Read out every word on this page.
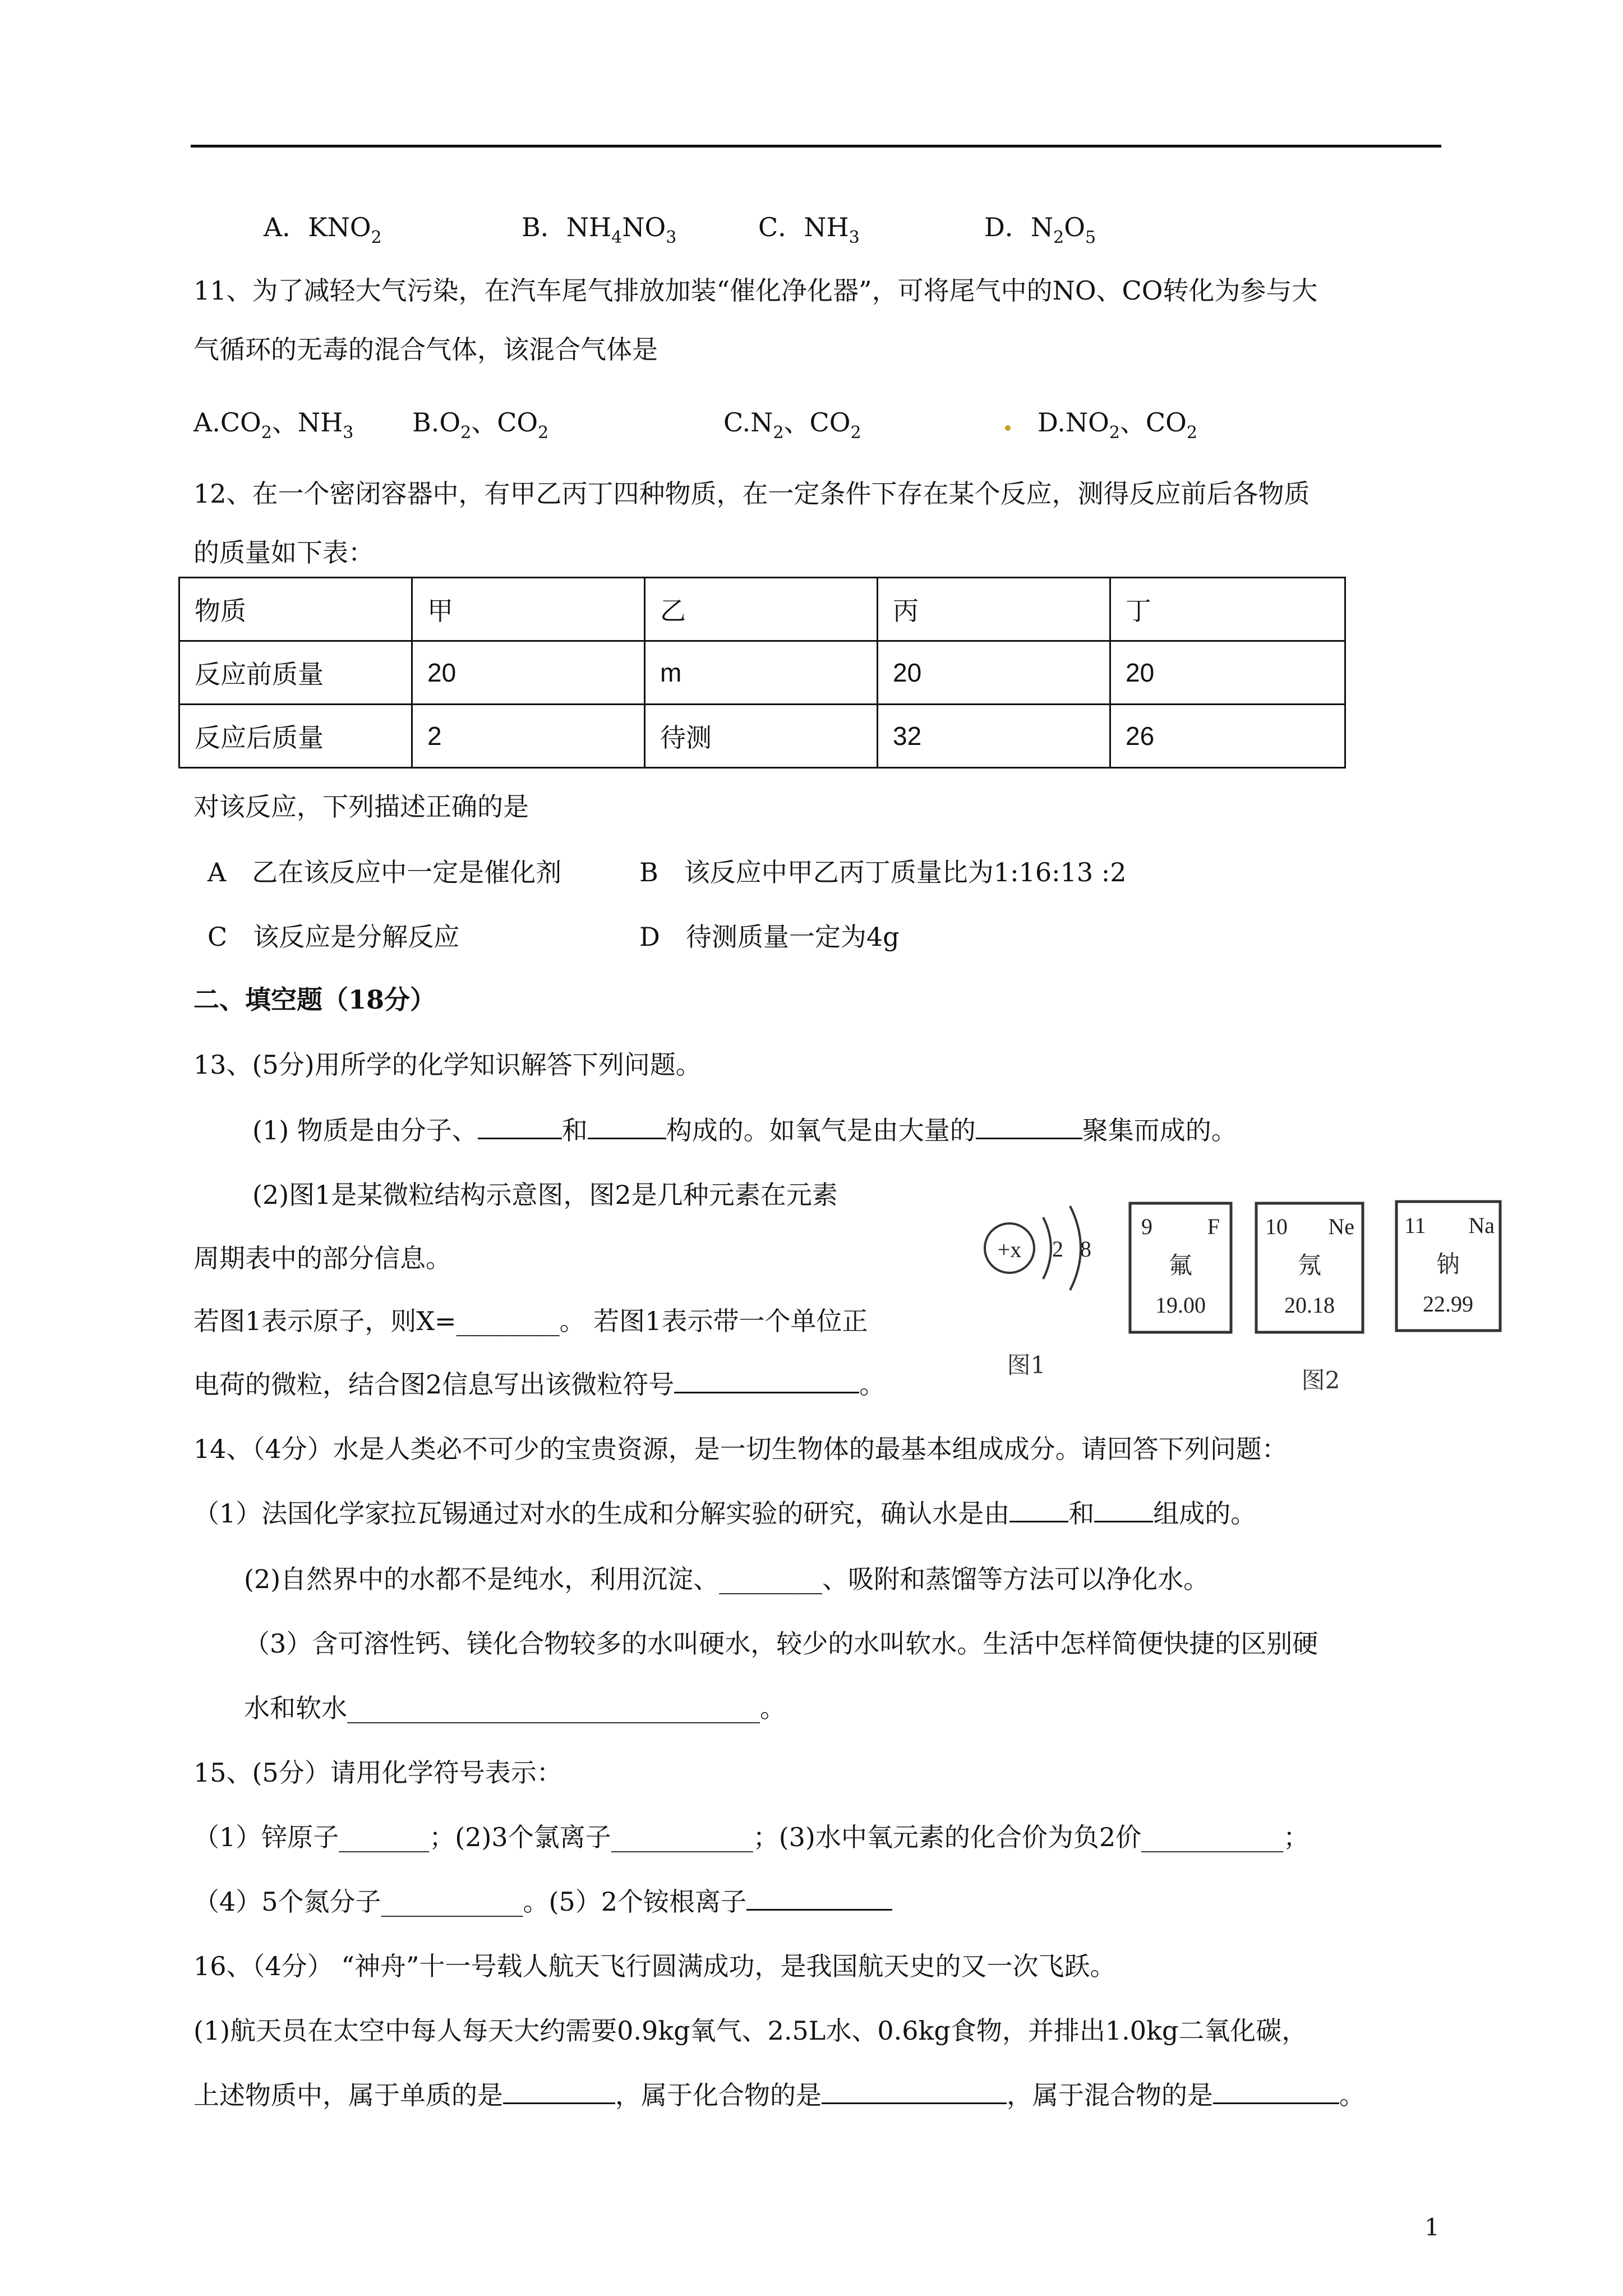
A．$KNO_2$	B．$NH_4NO_3$	C．$NH_3$	D．$N_2O_5$
11、为了减轻大气污染，在汽车尾气排放加装“催化净化器”，可将尾气中的NO、CO转化为参与大
气循环的无毒的混合气体，该混合气体是
$A.CO_2$、$NH_3$ $B.O_2$、$CO_2$	$C.N_2$、$CO_2$	$D.NO_2$、$CO_2$
12、在一个密闭容器中，有甲乙丙丁四种物质，在一定条件下存在某个反应，测得反应前后各物质
的质量如下表：
物质	甲	乙	丙	丁
反应前质量	20	m	20	20
反应后质量	2	待测	32	26
对该反应，下列描述正确的是
A　乙在该反应中一定是催化剂	B　该反应中甲乙丙丁质量比为1:16:13 :2
C　该反应是分解反应	D　待测质量一定为4g
二、填空题（18分）
13、(5分)用所学的化学知识解答下列问题。
(1) 物质是由分子、	和	构成的。如氧气是由大量的	聚集而成的。
(2)图1是某微粒结构示意图，图2是几种元素在元素
周期表中的部分信息。
若图1表示原子，则X=________。 若图1表示带一个单位正
电荷的微粒，结合图2信息写出该微粒符号	。
+x 2 8
图1
9 F
氟
19.00
10 Ne
氖
20.18
11 Na
钠
22.99
图2
14、（4分）水是人类必不可少的宝贵资源，是一切生物体的最基本组成成分。请回答下列问题：
（1）法国化学家拉瓦锡通过对水的生成和分解实验的研究，确认水是由 和 组成的。
(2)自然界中的水都不是纯水，利用沉淀、________、吸附和蒸馏等方法可以净化水。
（3）含可溶性钙、镁化合物较多的水叫硬水，较少的水叫软水。生活中怎样简便快捷的区别硬
水和软水________________________________。
15、(5分）请用化学符号表示：
（1）锌原子_______；(2)3个氯离子___________；(3)水中氧元素的化合价为负2价___________；
（4）5个氮分子___________。(5）2个铵根离子
16、（4分） “神舟”十一号载人航天飞行圆满成功，是我国航天史的又一次飞跃。
(1)航天员在太空中每人每天大约需要0.9kg氧气、2.5L水、0.6kg食物，并排出1.0kg二氧化碳，
上述物质中，属于单质的是	，属于化合物的是	，属于混合物的是	。
1
